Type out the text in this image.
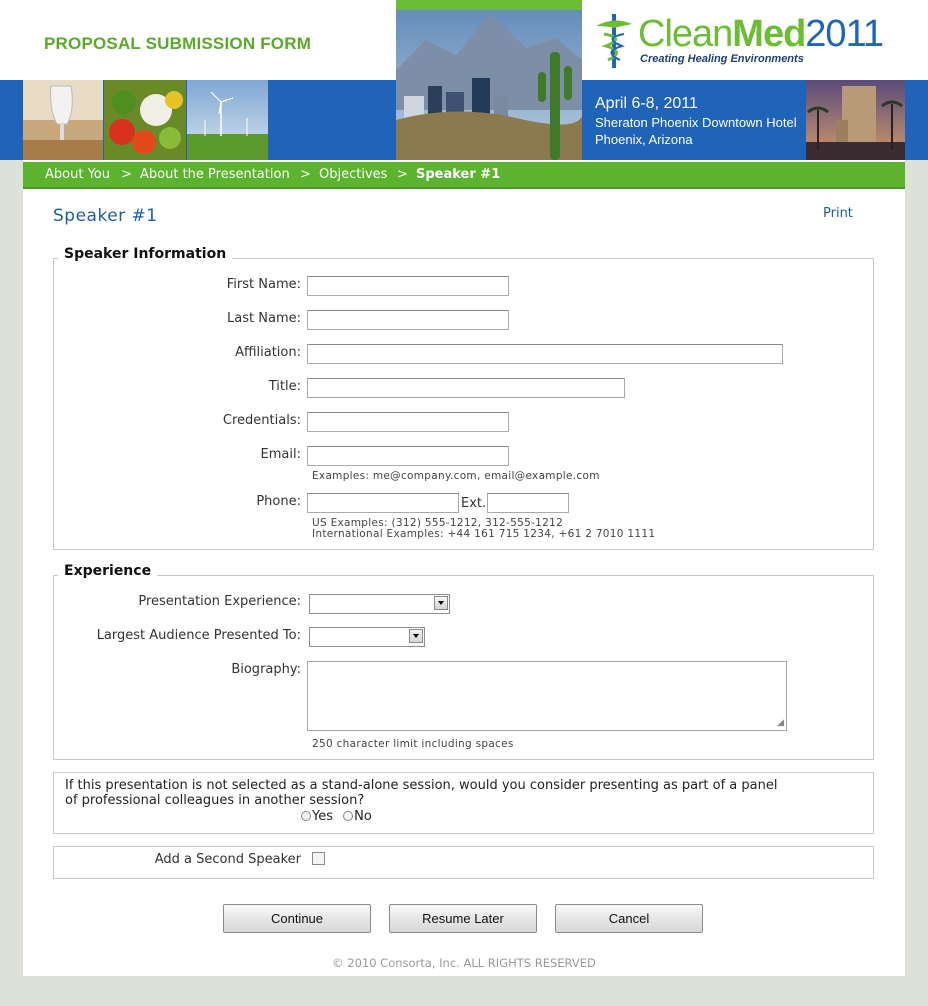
PROPOSAL SUBMISSION FORM	CleanMed2011
Creating Healing Environments
April 6-8, 2011
Sheraton Phoenix Downtown Hotel
Phoenix, Arizona
About You > About the Presentation > Objectives > Speaker #1
Speaker #1	Print
Speaker Information
First Name:
Last Name:
Affiliation:
Title:
Credentials:
Email:
Examples: me@company.com, email@example.com
Phone:	Ext.
US Examples: (312) 555-1212, 312-555-1212
International Examples: +44 161 715 1234, +61 2 7010 1111
Experience
Presentation Experience:
Largest Audience Presented To:
Biography:
◢
250 character limit including spaces
If this presentation is not selected as a stand-alone session, would you consider presenting as part of a panel
of professional colleagues in another session?
Yes No
Add a Second Speaker
Continue	Resume Later	Cancel
© 2010 Consorta, Inc. ALL RIGHTS RESERVED
